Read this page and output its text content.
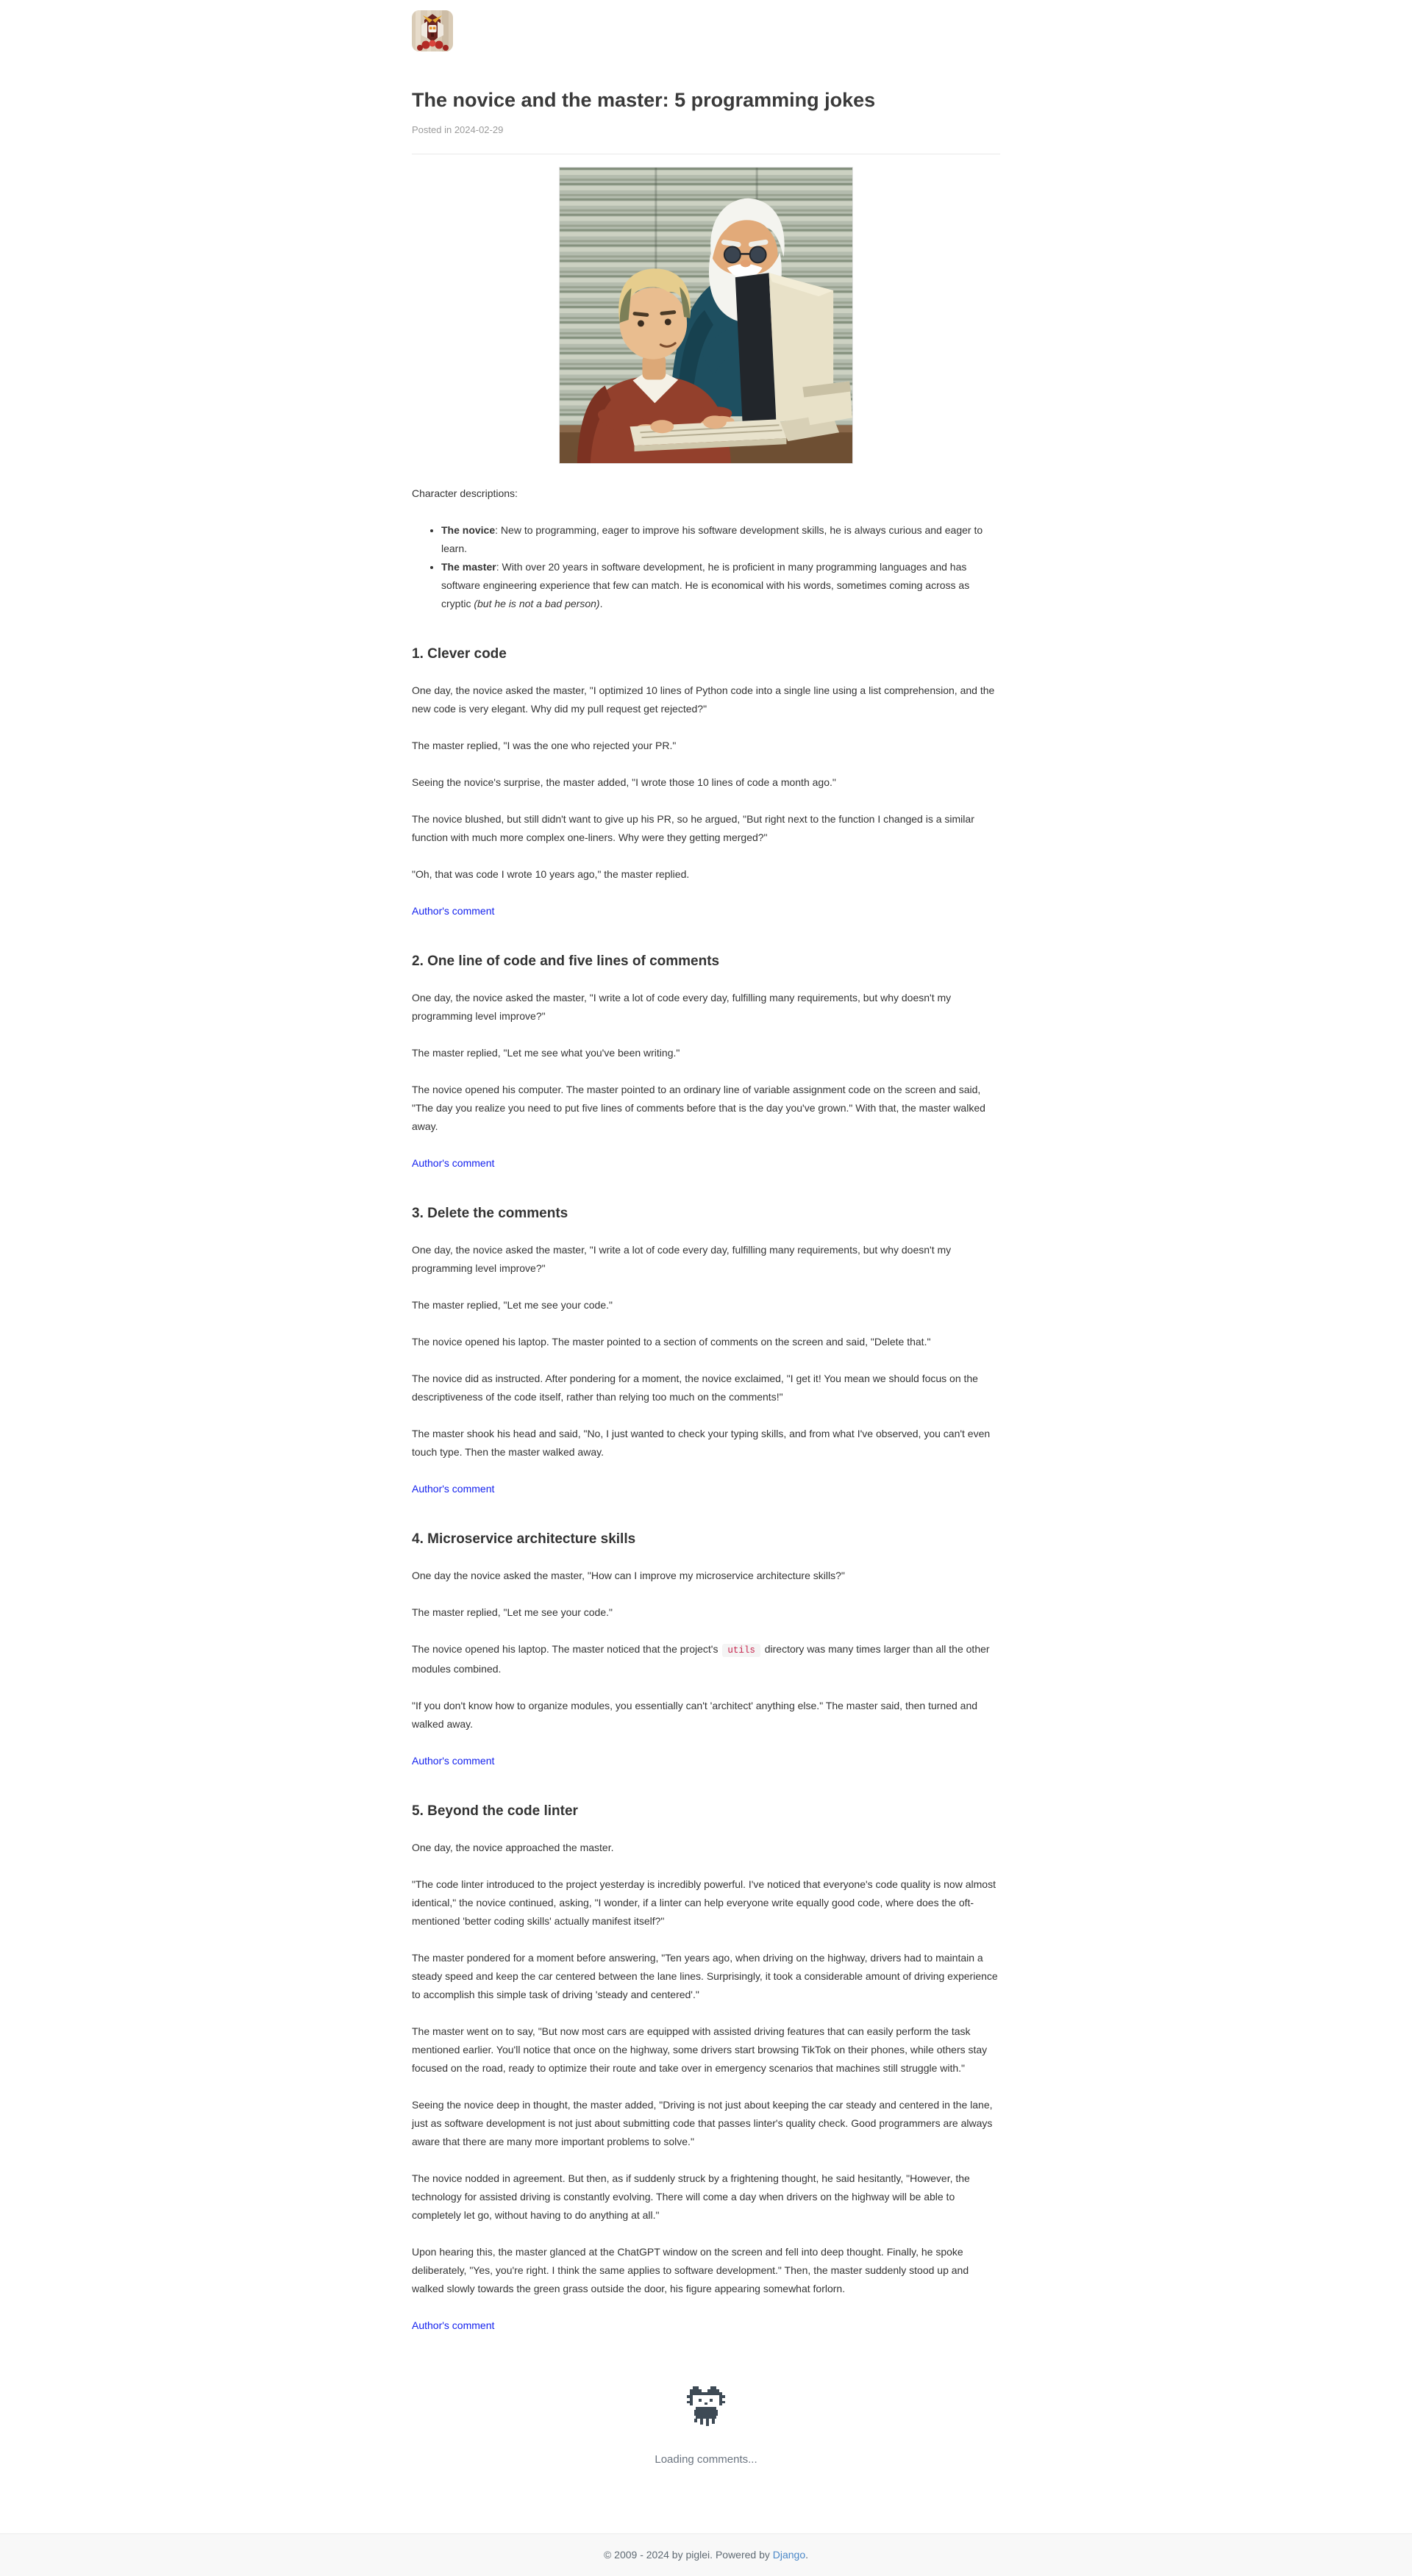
The novice and the master: 5 programming jokes

Posted in 2024-02-29

Character descriptions:

• The novice: New to programming, eager to improve his software development skills, he is always curious and eager to learn.
• The master: With over 20 years in software development, he is proficient in many programming languages and has software engineering experience that few can match. He is economical with his words, sometimes coming across as cryptic (but he is not a bad person).
1. Clever code

One day, the novice asked the master, "I optimized 10 lines of Python code into a single line using a list comprehension, and the new code is very elegant. Why did my pull request get rejected?"

The master replied, "I was the one who rejected your PR."

Seeing the novice's surprise, the master added, "I wrote those 10 lines of code a month ago."

The novice blushed, but still didn't want to give up his PR, so he argued, "But right next to the function I changed is a similar function with much more complex one-liners. Why were they getting merged?"

"Oh, that was code I wrote 10 years ago," the master replied.

Author's comment

2. One line of code and five lines of comments

One day, the novice asked the master, "I write a lot of code every day, fulfilling many requirements, but why doesn't my programming level improve?"

The master replied, "Let me see what you've been writing."

The novice opened his computer. The master pointed to an ordinary line of variable assignment code on the screen and said, "The day you realize you need to put five lines of comments before that is the day you've grown." With that, the master walked away.

Author's comment

3. Delete the comments

One day, the novice asked the master, "I write a lot of code every day, fulfilling many requirements, but why doesn't my programming level improve?"

The master replied, "Let me see your code."

The novice opened his laptop. The master pointed to a section of comments on the screen and said, "Delete that."

The novice did as instructed. After pondering for a moment, the novice exclaimed, "I get it! You mean we should focus on the descriptiveness of the code itself, rather than relying too much on the comments!"

The master shook his head and said, "No, I just wanted to check your typing skills, and from what I've observed, you can't even touch type. Then the master walked away.

Author's comment

4. Microservice architecture skills

One day the novice asked the master, "How can I improve my microservice architecture skills?"

The master replied, "Let me see your code."

The novice opened his laptop. The master noticed that the project's utils directory was many times larger than all the other modules combined.

"If you don't know how to organize modules, you essentially can't 'architect' anything else." The master said, then turned and walked away.

Author's comment

5. Beyond the code linter

One day, the novice approached the master.

"The code linter introduced to the project yesterday is incredibly powerful. I've noticed that everyone's code quality is now almost identical," the novice continued, asking, "I wonder, if a linter can help everyone write equally good code, where does the oft-mentioned 'better coding skills' actually manifest itself?"

The master pondered for a moment before answering, "Ten years ago, when driving on the highway, drivers had to maintain a steady speed and keep the car centered between the lane lines. Surprisingly, it took a considerable amount of driving experience to accomplish this simple task of driving 'steady and centered'."

The master went on to say, "But now most cars are equipped with assisted driving features that can easily perform the task mentioned earlier. You'll notice that once on the highway, some drivers start browsing TikTok on their phones, while others stay focused on the road, ready to optimize their route and take over in emergency scenarios that machines still struggle with."

Seeing the novice deep in thought, the master added, "Driving is not just about keeping the car steady and centered in the lane, just as software development is not just about submitting code that passes linter's quality check. Good programmers are always aware that there are many more important problems to solve."

The novice nodded in agreement. But then, as if suddenly struck by a frightening thought, he said hesitantly, "However, the technology for assisted driving is constantly evolving. There will come a day when drivers on the highway will be able to completely let go, without having to do anything at all."

Upon hearing this, the master glanced at the ChatGPT window on the screen and fell into deep thought. Finally, he spoke deliberately, "Yes, you're right. I think the same applies to software development." Then, the master suddenly stood up and walked slowly towards the green grass outside the door, his figure appearing somewhat forlorn.

Author's comment

Loading comments...

© 2009 - 2024 by piglei. Powered by Django.
